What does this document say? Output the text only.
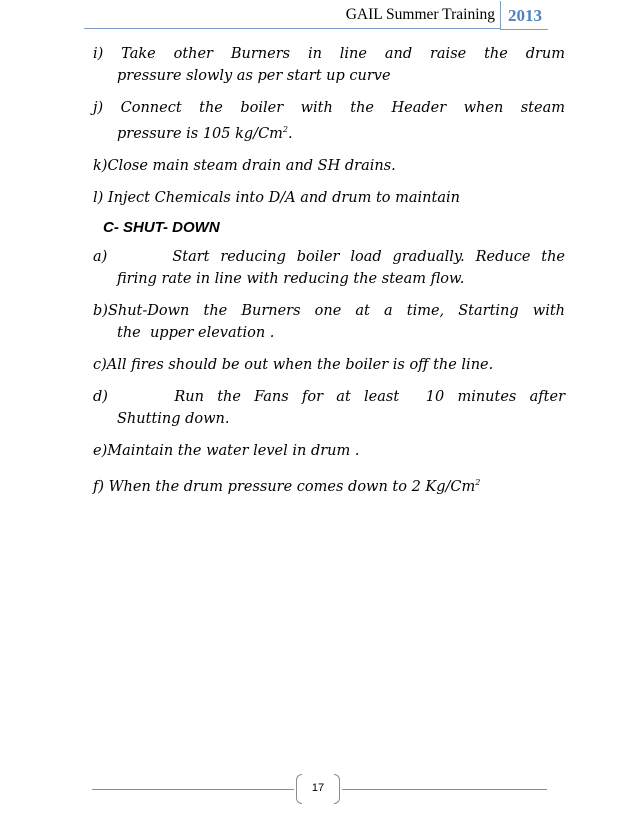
GAIL Summer Training 2013
i) Take other Burners in line and raise the drum
pressure slowly as per start up curve
j) Connect the boiler with the Header when steam
pressure is 105 kg/Cm$^2$.
k)Close main steam drain and SH drains.
l) Inject Chemicals into D/A and drum to maintain
C- SHUT- DOWN
a)      Start reducing boiler load gradually. Reduce the
firing rate in line with reducing the steam flow.
b)Shut-Down the Burners one at a time, Starting with
the  upper elevation .
c)All fires should be out when the boiler is off the line.
d)     Run the Fans for at least  10 minutes after
Shutting down.
e)Maintain the water level in drum .
f) When the drum pressure comes down to 2 Kg/Cm$^2$
17
